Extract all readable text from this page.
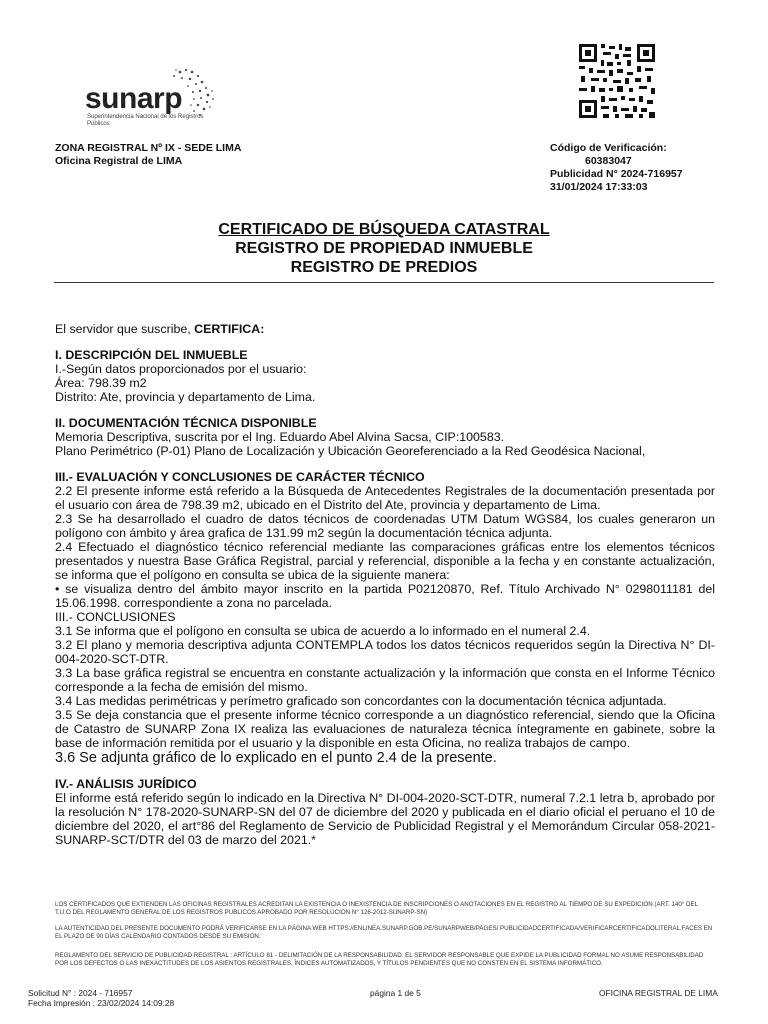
sunarp
Superintendencia Nacional de los Registros Públicos
ZONA REGISTRAL Nº IX - SEDE LIMA
Oficina Registral de LIMA
Código de Verificación:
60383047
Publicidad N° 2024-716957
31/01/2024 17:33:03
CERTIFICADO DE BÚSQUEDA CATASTRAL
REGISTRO DE PROPIEDAD INMUEBLE
REGISTRO DE PREDIOS

El servidor que suscribe, CERTIFICA:

I. DESCRIPCIÓN DEL INMUEBLE

I.-Según datos proporcionados por el usuario:

Área: 798.39 m2

Distrito: Ate, provincia y departamento de Lima.

II. DOCUMENTACIÓN TÉCNICA DISPONIBLE

Memoria Descriptiva, suscrita por el Ing. Eduardo Abel Alvina Sacsa, CIP:100583.

Plano Perimétrico (P-01) Plano de Localización y Ubicación Georeferenciado a la Red Geodésica Nacional,

III.- EVALUACIÓN Y CONCLUSIONES DE CARÁCTER TÉCNICO

2.2 El presente informe está referido a la Búsqueda de Antecedentes Registrales de la documentación presentada por el usuario con área de 798.39 m2, ubicado en el Distrito del Ate, provincia y departamento de Lima.

2.3 Se ha desarrollado el cuadro de datos técnicos de coordenadas UTM Datum WGS84, los cuales generaron un polígono con ámbito y área grafica de 131.99 m2 según la documentación técnica adjunta.

2.4 Efectuado el diagnóstico técnico referencial mediante las comparaciones gráficas entre los elementos técnicos presentados y nuestra Base Gráfica Registral, parcial y referencial, disponible a la fecha y en constante actualización, se informa que el polígono en consulta se ubica de la siguiente manera:

• se visualiza dentro del ámbito mayor inscrito en la partida P02120870, Ref. Título Archivado N° 0298011181 del 15.06.1998. correspondiente a zona no parcelada.

III.- CONCLUSIONES

3.1 Se informa que el polígono en consulta se ubica de acuerdo a lo informado en el numeral 2.4.

3.2 El plano y memoria descriptiva adjunta CONTEMPLA todos los datos técnicos requeridos según la Directiva N° DI-004-2020-SCT-DTR.

3.3 La base gráfica registral se encuentra en constante actualización y la información que consta en el Informe Técnico corresponde a la fecha de emisión del mismo.

3.4 Las medidas perimétricas y perímetro graficado son concordantes con la documentación técnica adjuntada.

3.5 Se deja constancia que el presente informe técnico corresponde a un diagnóstico referencial, siendo que la Oficina de Catastro de SUNARP Zona IX realiza las evaluaciones de naturaleza técnica íntegramente en gabinete, sobre la base de información remitida por el usuario y la disponible en esta Oficina, no realiza trabajos de campo.

3.6 Se adjunta gráfico de lo explicado en el punto 2.4 de la presente.

IV.- ANÁLISIS JURÍDICO

El informe está referido según lo indicado en la Directiva N° DI-004-2020-SCT-DTR, numeral 7.2.1 letra b, aprobado por la resolución N° 178-2020-SUNARP-SN del 07 de diciembre del 2020 y publicada en el diario oficial el peruano el 10 de diciembre del 2020, el art°86 del Reglamento de Servicio de Publicidad Registral y el Memorándum Circular 058-2021-SUNARP-SCT/DTR del 03 de marzo del 2021.*

LOS CERTIFICADOS QUE EXTIENDEN LAS OFICINAS REGISTRALES ACREDITAN LA EXISTENCIA O INEXISTENCIA DE INSCRIPCIONES O ANOTACIONES EN EL REGISTRO AL TIEMPO DE SU EXPEDICION (ART. 140° DEL T.U.O DEL REGLAMENTO GENERAL DE LOS REGISTROS PUBLICOS APROBADO POR RESOLUCION N° 126-2012-SUNARP-SN)
LA AUTENTICIDAD DEL PRESENTE DOCUMENTO PODRÁ VERIFICARSE EN LA PÁGINA WEB HTTPS://ENLINEA.SUNARP.GOB.PE/SUNARPWEB/PAGES/ PUBLICIDADCERTIFICADA/VERIFICARCERTIFICADOLITERAL.FACES EN EL PLAZO DE 90 DÍAS CALENDARIO CONTADOS DESDE SU EMISIÓN.
REGLAMENTO DEL SERVICIO DE PUBLICIDAD REGISTRAL : ARTÍCULO 81 - DELIMITACIÓN DE LA RESPONSABILIDAD. EL SERVIDOR RESPONSABLE QUE EXPIDE LA PUBLICIDAD FORMAL NO ASUME RESPONSABILIDAD POR LOS DEFECTOS O LAS INEXACTITUDES DE LOS ASIENTOS REGISTRALES, ÍNDICES AUTOMATIZADOS, Y TÍTULOS PENDIENTES QUE NO CONSTEN EN EL SISTEMA INFORMÁTICO.
Solicitud N° : 2024 - 716957
Fecha Impresión : 23/02/2024 14:09:28
página 1 de 5	OFICINA REGISTRAL DE LIMA
